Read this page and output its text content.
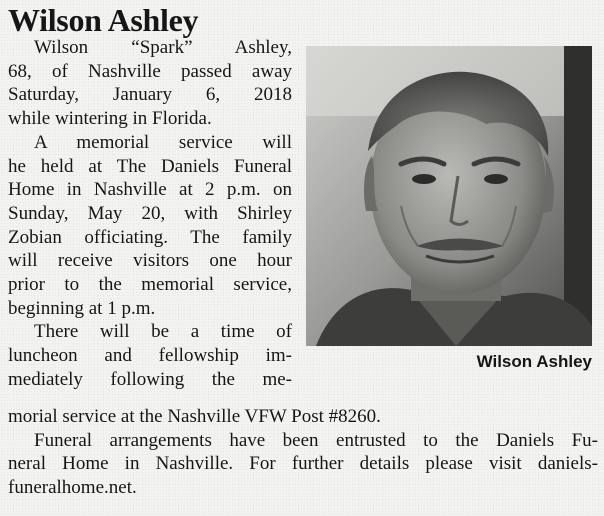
Wilson Ashley
Wilson “Spark” Ashley,
68, of Nashville passed away
Saturday, January 6, 2018
while wintering in Florida.
A memorial service will
he held at The Daniels Funeral
Home in Nashville at 2 p.m. on
Sunday, May 20, with Shirley
Zobian officiating. The family
will receive visitors one hour
prior to the memorial service,
beginning at 1 p.m.
There will be a time of
luncheon and fellowship im-
mediately following the me-
morial service at the Nashville VFW Post #8260.
Funeral arrangements have been entrusted to the Daniels Fu-
neral Home in Nashville. For further details please visit daniels-
funeralhome.net.
Wilson Ashley
